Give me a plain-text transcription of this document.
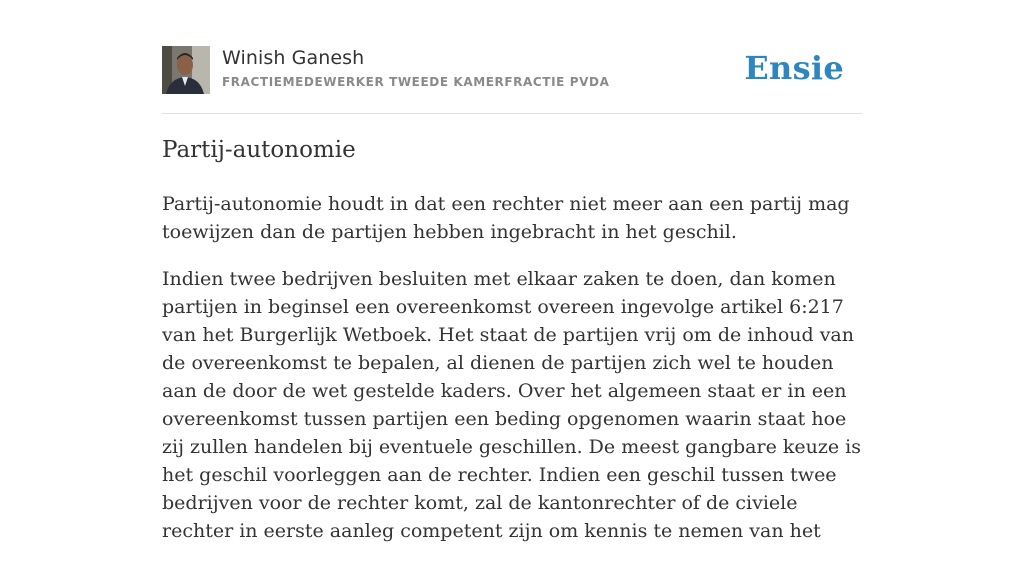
Winish Ganesh
FRACTIEMEDEWERKER TWEEDE KAMERFRACTIE PVDA	Ensie
Partij-autonomie

Partij-autonomie houdt in dat een rechter niet meer aan een partij mag toewijzen dan de partijen hebben ingebracht in het geschil.

Indien twee bedrijven besluiten met elkaar zaken te doen, dan komen partijen in beginsel een overeenkomst overeen ingevolge artikel 6:217 van het Burgerlijk Wetboek. Het staat de partijen vrij om de inhoud van de overeenkomst te bepalen, al dienen de partijen zich wel te houden aan de door de wet gestelde kaders. Over het algemeen staat er in een overeenkomst tussen partijen een beding opgenomen waarin staat hoe zij zullen handelen bij eventuele geschillen. De meest gangbare keuze is het geschil voorleggen aan de rechter. Indien een geschil tussen twee bedrijven voor de rechter komt, zal de kantonrechter of de civiele rechter in eerste aanleg competent zijn om kennis te nemen van het
